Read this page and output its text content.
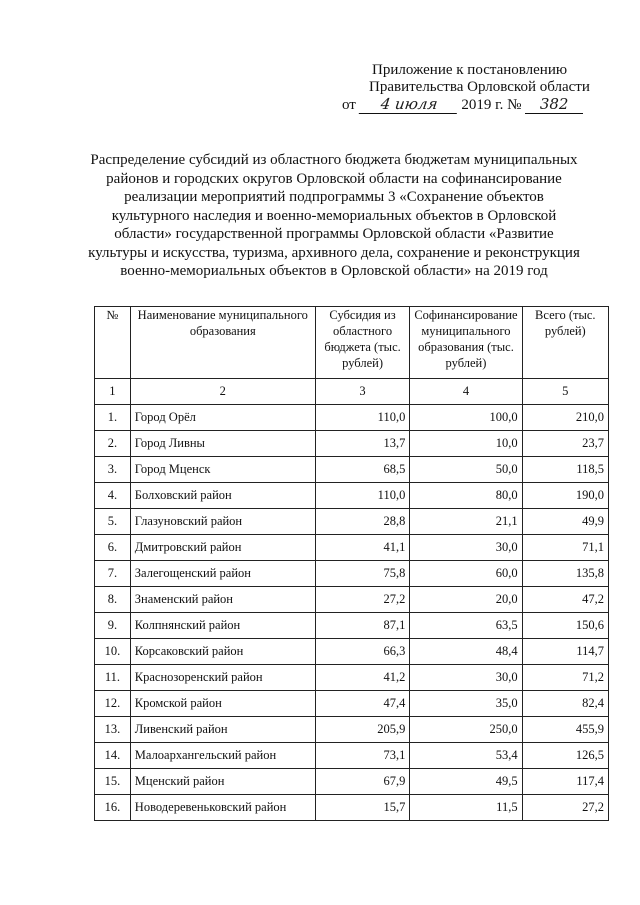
Приложение к постановлению
Правительства Орловской области
от 4 июля 2019 г. № 382
Распределение субсидий из областного бюджета бюджетам муниципальных
районов и городских округов Орловской области на софинансирование
реализации мероприятий подпрограммы 3 «Сохранение объектов
культурного наследия и военно-мемориальных объектов в Орловской
области» государственной программы Орловской области «Развитие
культуры и искусства, туризма, архивного дела, сохранение и реконструкция
военно-мемориальных объектов в Орловской области» на 2019 год
№	Наименование муниципального образования	Субсидия из областного бюджета (тыс. рублей)	Софинансирование муниципального образования (тыс. рублей)	Всего (тыс. рублей)
1	2	3	4	5
1.	Город Орёл	110,0	100,0	210,0
2.	Город Ливны	13,7	10,0	23,7
3.	Город Мценск	68,5	50,0	118,5
4.	Болховский район	110,0	80,0	190,0
5.	Глазуновский район	28,8	21,1	49,9
6.	Дмитровский район	41,1	30,0	71,1
7.	Залегощенский район	75,8	60,0	135,8
8.	Знаменский район	27,2	20,0	47,2
9.	Колпнянский район	87,1	63,5	150,6
10.	Корсаковский район	66,3	48,4	114,7
11.	Краснозоренский район	41,2	30,0	71,2
12.	Кромской район	47,4	35,0	82,4
13.	Ливенский район	205,9	250,0	455,9
14.	Малоархангельский район	73,1	53,4	126,5
15.	Мценский район	67,9	49,5	117,4
16.	Новодеревеньковский район	15,7	11,5	27,2
